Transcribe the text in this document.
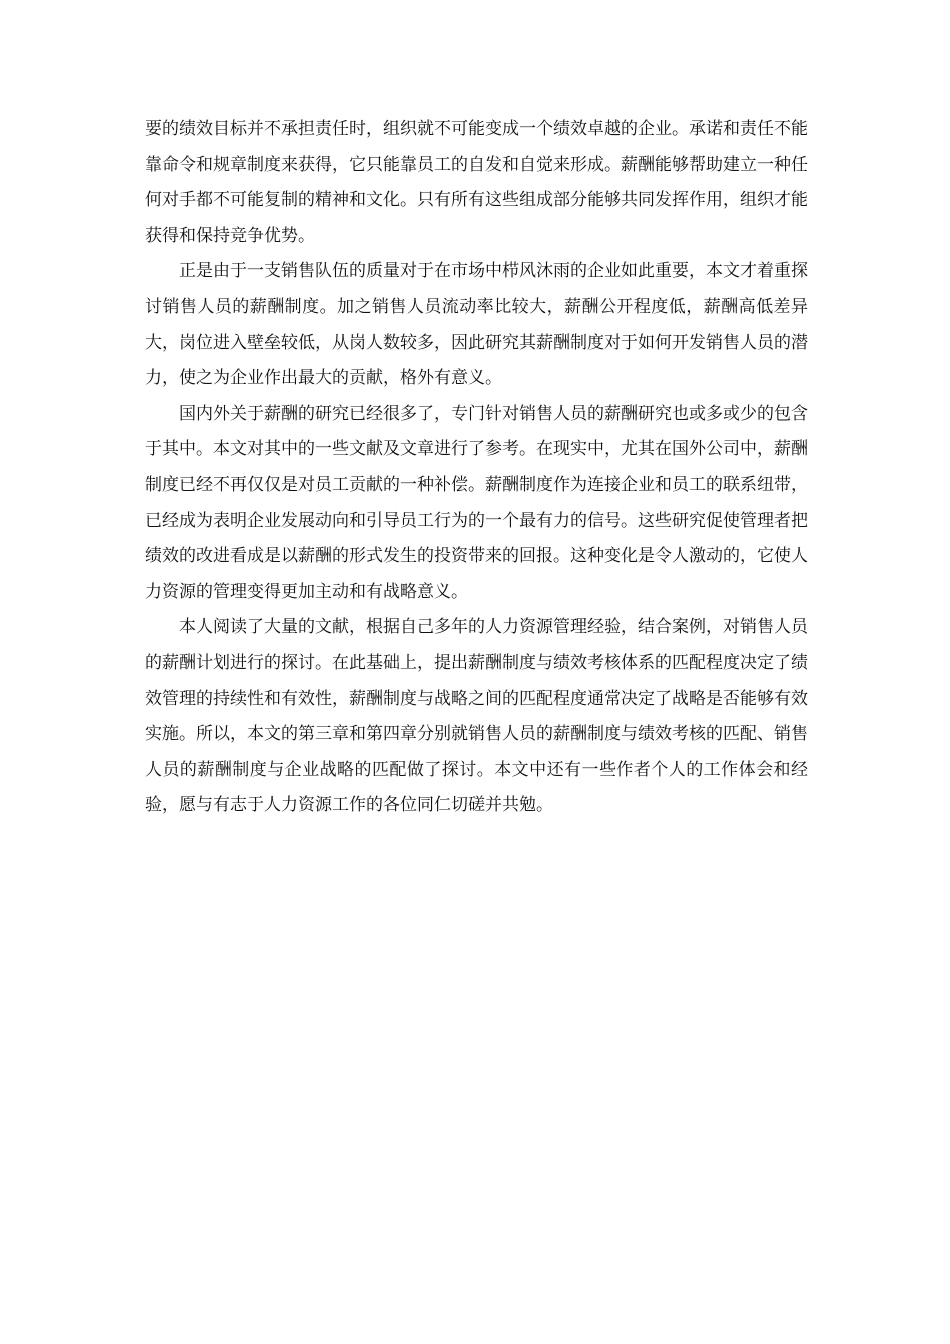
要的绩效目标并不承担责任时，组织就不可能变成一个绩效卓越的企业。承诺和责任不能靠命令和规章制度来获得，它只能靠员工的自发和自觉来形成。薪酬能够帮助建立一种任何对手都不可能复制的精神和文化。只有所有这些组成部分能够共同发挥作用，组织才能获得和保持竞争优势。

正是由于一支销售队伍的质量对于在市场中栉风沐雨的企业如此重要，本文才着重探讨销售人员的薪酬制度。加之销售人员流动率比较大，薪酬公开程度低，薪酬高低差异大，岗位进入壁垒较低，从岗人数较多，因此研究其薪酬制度对于如何开发销售人员的潜力，使之为企业作出最大的贡献，格外有意义。

国内外关于薪酬的研究已经很多了，专门针对销售人员的薪酬研究也或多或少的包含于其中。本文对其中的一些文献及文章进行了参考。在现实中，尤其在国外公司中，薪酬制度已经不再仅仅是对员工贡献的一种补偿。薪酬制度作为连接企业和员工的联系纽带，已经成为表明企业发展动向和引导员工行为的一个最有力的信号。这些研究促使管理者把绩效的改进看成是以薪酬的形式发生的投资带来的回报。这种变化是令人激动的，它使人力资源的管理变得更加主动和有战略意义。

本人阅读了大量的文献，根据自己多年的人力资源管理经验，结合案例，对销售人员的薪酬计划进行的探讨。在此基础上，提出薪酬制度与绩效考核体系的匹配程度决定了绩效管理的持续性和有效性，薪酬制度与战略之间的匹配程度通常决定了战略是否能够有效实施。所以，本文的第三章和第四章分别就销售人员的薪酬制度与绩效考核的匹配、销售人员的薪酬制度与企业战略的匹配做了探讨。本文中还有一些作者个人的工作体会和经验，愿与有志于人力资源工作的各位同仁切磋并共勉。
